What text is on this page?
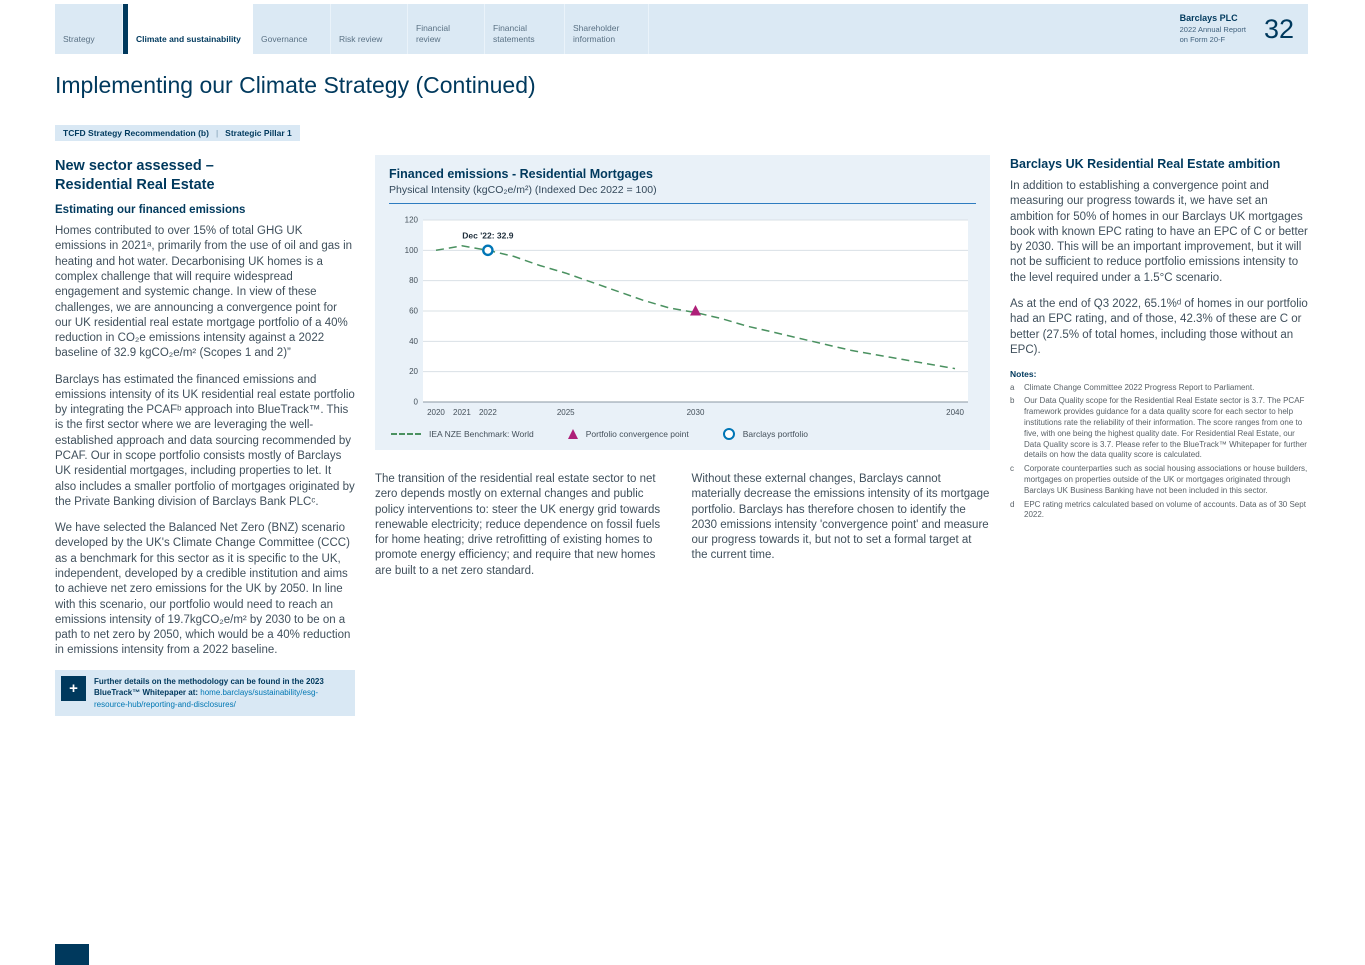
Strategy	Climate and sustainability Governance	Risk review
Financial review
Financial statements
Shareholder information
Barclays PLC
2022 Annual Report
on Form 20-F	32
Implementing our Climate Strategy (Continued)
TCFD Strategy Recommendation (b) | Strategic Pillar 1
New sector assessed –
Residential Real Estate
Estimating our financed emissions

Homes contributed to over 15% of total GHG UK emissions in 2021ᵃ, primarily from the use of oil and gas in heating and hot water. Decarbonising UK homes is a complex challenge that will require widespread engagement and systemic change. In view of these challenges, we are announcing a convergence point for our UK residential real estate mortgage portfolio of a 40% reduction in CO₂e emissions intensity against a 2022 baseline of 32.9 kgCO₂e/m² (Scopes 1 and 2)”

Barclays has estimated the financed emissions and emissions intensity of its UK residential real estate portfolio by integrating the PCAFᵇ approach into BlueTrack™. This is the first sector where we are leveraging the well-established approach and data sourcing recommended by PCAF. Our in scope portfolio consists mostly of Barclays UK residential mortgages, including properties to let. It also includes a smaller portfolio of mortgages originated by the Private Banking division of Barclays Bank PLCᶜ.

We have selected the Balanced Net Zero (BNZ) scenario developed by the UK's Climate Change Committee (CCC) as a benchmark for this sector as it is specific to the UK, independent, developed by a credible institution and aims to achieve net zero emissions for the UK by 2050. In line with this scenario, our portfolio would need to reach an emissions intensity of 19.7kgCO₂e/m² by 2030 to be on a path to net zero by 2050, which would be a 40% reduction in emissions intensity from a 2022 baseline.

+ Further details on the methodology can be found in the 2023 BlueTrack™ Whitepaper at: home.barclays/sustainability/esg-resource-hub/reporting-and-disclosures/
Financed emissions - Residential Mortgages
Physical Intensity (kgCO₂e/m²) (Indexed Dec 2022 = 100)
0
20
40
60
80
100
120
2020 2021 2022	2025	2030	2040
Dec '22: 32.9
IEA NZE Benchmark: World	Portfolio convergence point	Barclays portfolio

The transition of the residential real estate sector to net zero depends mostly on external changes and public policy interventions to: steer the UK energy grid towards renewable electricity; reduce dependence on fossil fuels for home heating; drive retrofitting of existing homes to promote energy efficiency; and require that new homes are built to a net zero standard.

Without these external changes, Barclays cannot materially decrease the emissions intensity of its mortgage portfolio. Barclays has therefore chosen to identify the 2030 emissions intensity 'convergence point' and measure our progress towards it, but not to set a formal target at the current time.

Barclays UK Residential Real Estate ambition

In addition to establishing a convergence point and measuring our progress towards it, we have set an ambition for 50% of homes in our Barclays UK mortgages book with known EPC rating to have an EPC of C or better by 2030. This will be an important improvement, but it will not be sufficient to reduce portfolio emissions intensity to the level required under a 1.5°C scenario.

As at the end of Q3 2022, 65.1%ᵈ of homes in our portfolio had an EPC rating, and of those, 42.3% of these are C or better (27.5% of total homes, including those without an EPC).

Notes:
a	Climate Change Committee 2022 Progress Report to Parliament.
b	Our Data Quality scope for the Residential Real Estate sector is 3.7. The PCAF framework provides guidance for a data quality score for each sector to help institutions rate the reliability of their information. The score ranges from one to five, with one being the highest quality date. For Residential Real Estate, our Data Quality score is 3.7. Please refer to the BlueTrack™ Whitepaper for further details on how the data quality score is calculated.
c	Corporate counterparties such as social housing associations or house builders, mortgages on properties outside of the UK or mortgages originated through Barclays UK Business Banking have not been included in this sector.
d	EPC rating metrics calculated based on volume of accounts. Data as of 30 Sept 2022.
